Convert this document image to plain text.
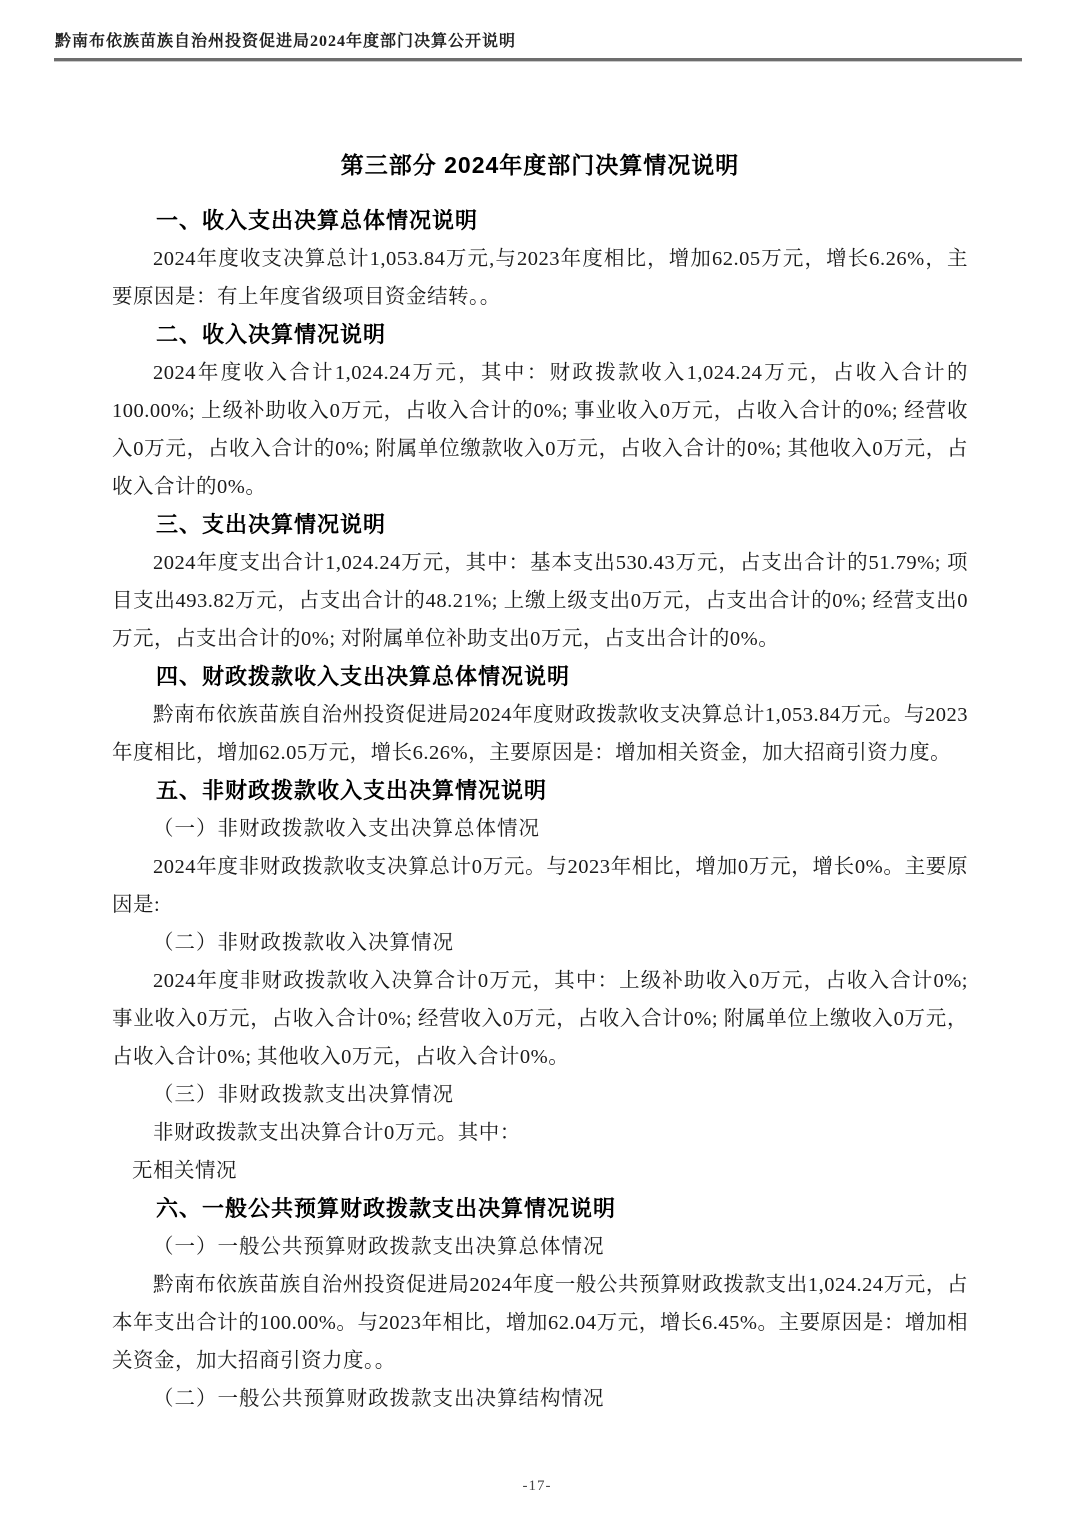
黔南布依族苗族自治州投资促进局2024年度部门决算公开说明
第三部分 2024年度部门决算情况说明
一、收入支出决算总体情况说明

2024年度收支决算总计1,053.84万元,与2023年度相比，增加62.05万元，增长6.26%，主要原因是：有上年度省级项目资金结转。。

二、收入决算情况说明

2024年度收入合计1,024.24万元，其中：财政拨款收入1,024.24万元，占收入合计的100.00%; 上级补助收入0万元，占收入合计的0%; 事业收入0万元，占收入合计的0%; 经营收入0万元，占收入合计的0%; 附属单位缴款收入0万元，占收入合计的0%; 其他收入0万元，占收入合计的0%。

三、支出决算情况说明

2024年度支出合计1,024.24万元，其中：基本支出530.43万元，占支出合计的51.79%; 项目支出493.82万元，占支出合计的48.21%; 上缴上级支出0万元，占支出合计的0%; 经营支出0万元，占支出合计的0%; 对附属单位补助支出0万元，占支出合计的0%。

四、财政拨款收入支出决算总体情况说明

黔南布依族苗族自治州投资促进局2024年度财政拨款收支决算总计1,053.84万元。与2023年度相比，增加62.05万元，增长6.26%，主要原因是：增加相关资金，加大招商引资力度。

五、非财政拨款收入支出决算情况说明
（一）非财政拨款收入支出决算总体情况

2024年度非财政拨款收支决算总计0万元。与2023年相比，增加0万元，增长0%。主要原因是:

（二）非财政拨款收入决算情况

2024年度非财政拨款收入决算合计0万元，其中：上级补助收入0万元，占收入合计0%; 事业收入0万元，占收入合计0%; 经营收入0万元，占收入合计0%; 附属单位上缴收入0万元，占收入合计0%; 其他收入0万元，占收入合计0%。

（三）非财政拨款支出决算情况

非财政拨款支出决算合计0万元。其中：

无相关情况

六、一般公共预算财政拨款支出决算情况说明
（一）一般公共预算财政拨款支出决算总体情况

黔南布依族苗族自治州投资促进局2024年度一般公共预算财政拨款支出1,024.24万元，占本年支出合计的100.00%。与2023年相比，增加62.04万元，增长6.45%。主要原因是：增加相关资金，加大招商引资力度。。

（二）一般公共预算财政拨款支出决算结构情况
-17-
